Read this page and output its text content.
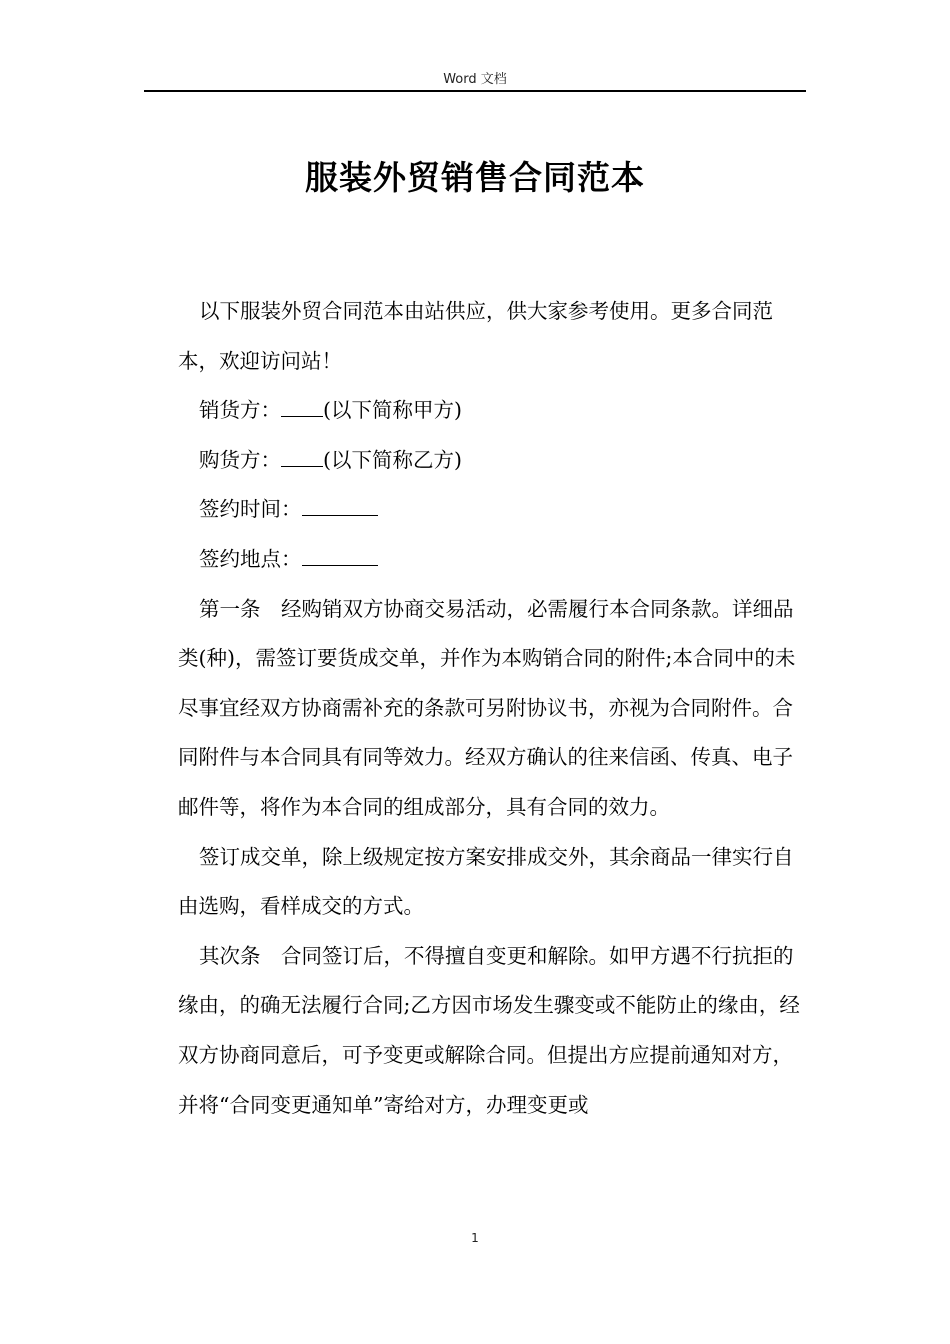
Word 文档
服装外贸销售合同范本

以下服装外贸合同范本由站供应，供大家参考使用。更多合同范本，欢迎访问站！

销货方： (以下简称甲方)

购货方： (以下简称乙方)

签约时间：

签约地点：

第一条　经购销双方协商交易活动，必需履行本合同条款。详细品类(种)，需签订要货成交单，并作为本购销合同的附件;本合同中的未尽事宜经双方协商需补充的条款可另附协议书，亦视为合同附件。合同附件与本合同具有同等效力。经双方确认的往来信函、传真、电子邮件等，将作为本合同的组成部分，具有合同的效力。

签订成交单，除上级规定按方案安排成交外，其余商品一律实行自由选购，看样成交的方式。

其次条　合同签订后，不得擅自变更和解除。如甲方遇不行抗拒的缘由，的确无法履行合同;乙方因市场发生骤变或不能防止的缘由，经双方协商同意后，可予变更或解除合同。但提出方应提前通知对方，并将“合同变更通知单”寄给对方，办理变更或

1
